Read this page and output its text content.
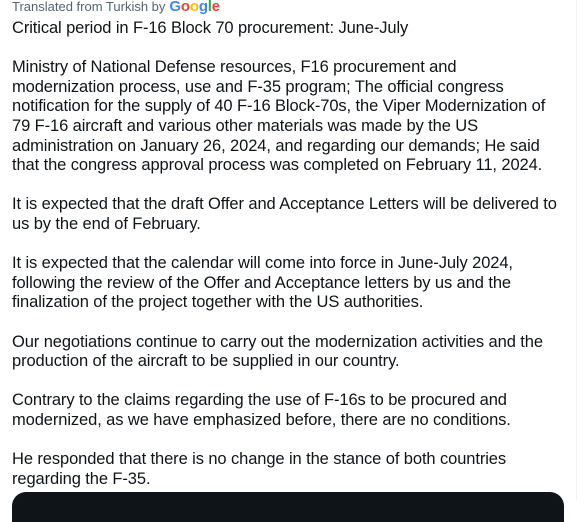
Translated from Turkish by Google

Critical period in F-16 Block 70 procurement: June-July

Ministry of National Defense resources, F16 procurement and modernization process, use and F-35 program; The official congress notification for the supply of 40 F-16 Block-70s, the Viper Modernization of 79 F-16 aircraft and various other materials was made by the US administration on January 26, 2024, and regarding our demands; He said that the congress approval process was completed on February 11, 2024.

It is expected that the draft Offer and Acceptance Letters will be delivered to us by the end of February.

It is expected that the calendar will come into force in June-July 2024, following the review of the Offer and Acceptance letters by us and the finalization of the project together with the US authorities.

Our negotiations continue to carry out the modernization activities and the production of the aircraft to be supplied in our country.

Contrary to the claims regarding the use of F-16s to be procured and modernized, as we have emphasized before, there are no conditions.

He responded that there is no change in the stance of both countries regarding the F-35.
